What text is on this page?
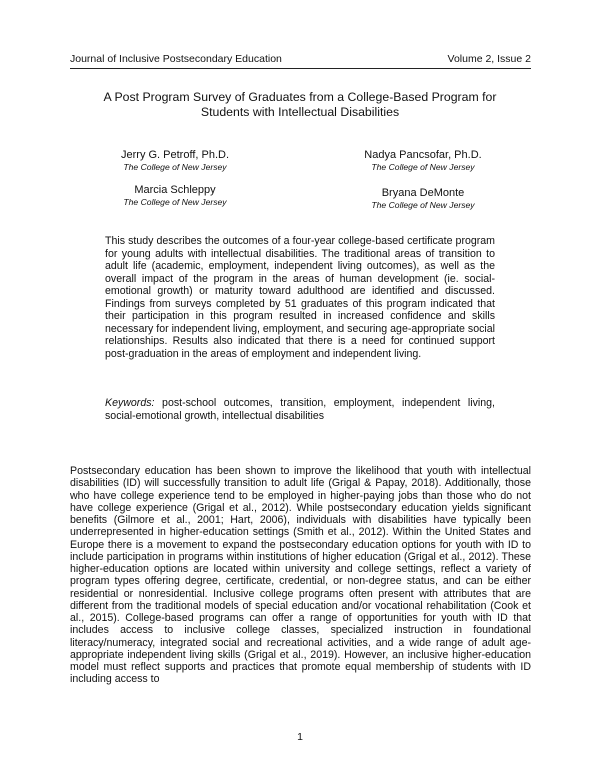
Journal of Inclusive Postsecondary Education	Volume 2, Issue 2
A Post Program Survey of Graduates from a College-Based Program for
Students with Intellectual Disabilities
Jerry G. Petroff, Ph.D.
The College of New Jersey
Nadya Pancsofar, Ph.D.
The College of New Jersey
Marcia Schleppy
The College of New Jersey
Bryana DeMonte
The College of New Jersey

This study describes the outcomes of a four-year college-based certificate program for young adults with intellectual disabilities. The traditional areas of transition to adult life (academic, employment, independent living outcomes), as well as the overall impact of the program in the areas of human development (ie. social-emotional growth) or maturity toward adulthood are identified and discussed. Findings from surveys completed by 51 graduates of this program indicated that their participation in this program resulted in increased confidence and skills necessary for independent living, employment, and securing age-appropriate social relationships. Results also indicated that there is a need for continued support post-graduation in the areas of employment and independent living.

Keywords: post-school outcomes, transition, employment, independent living, social-emotional growth, intellectual disabilities

Postsecondary education has been shown to improve the likelihood that youth with intellectual disabilities (ID) will successfully transition to adult life (Grigal & Papay, 2018). Additionally, those who have college experience tend to be employed in higher-paying jobs than those who do not have college experience (Grigal et al., 2012). While postsecondary education yields significant benefits (Gilmore et al., 2001; Hart, 2006), individuals with disabilities have typically been underrepresented in higher-education settings (Smith et al., 2012). Within the United States and Europe there is a movement to expand the postsecondary education options for youth with ID to include participation in programs within institutions of higher education (Grigal et al., 2012). These higher-education options are located within university and college settings, reflect a variety of program types offering degree, certificate, credential, or non-degree status, and can be either residential or nonresidential. Inclusive college programs often present with attributes that are different from the traditional models of special education and/or vocational rehabilitation (Cook et al., 2015). College-based programs can offer a range of opportunities for youth with ID that includes access to inclusive college classes, specialized instruction in foundational literacy/numeracy, integrated social and recreational activities, and a wide range of adult age-appropriate independent living skills (Grigal et al., 2019). However, an inclusive higher-education model must reflect supports and practices that promote equal membership of students with ID including access to

1
